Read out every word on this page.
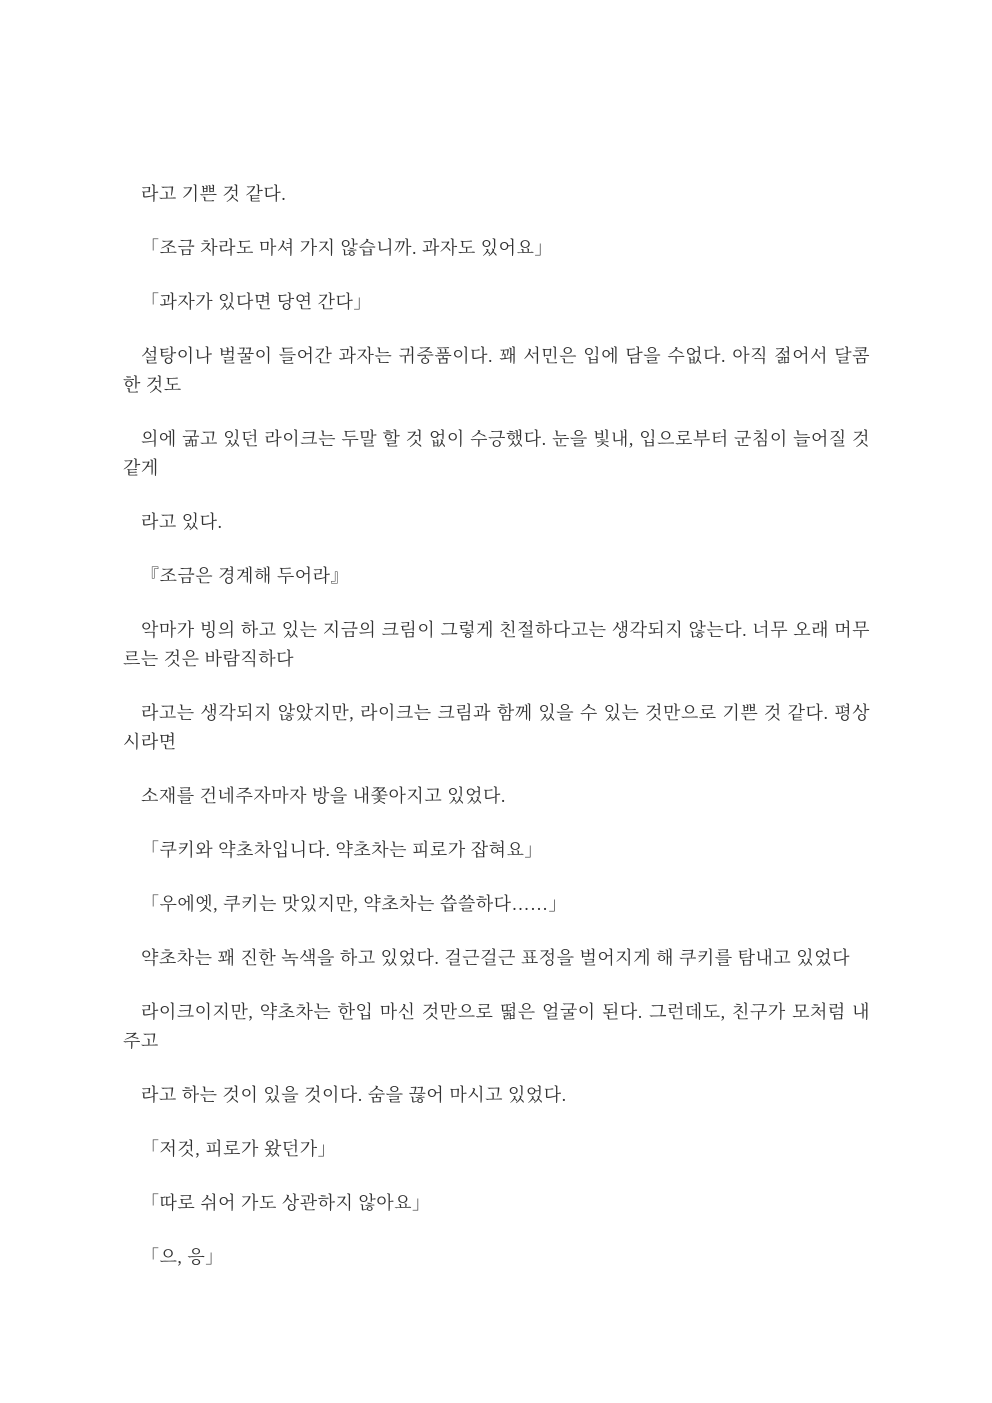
라고 기쁜 것 같다.

「조금 차라도 마셔 가지 않습니까. 과자도 있어요」

「과자가 있다면 당연 간다」

설탕이나 벌꿀이 들어간 과자는 귀중품이다. 꽤 서민은 입에 담을 수없다. 아직 젊어서 달콤한 것도

의에 굶고 있던 라이크는 두말 할 것 없이 수긍했다. 눈을 빛내, 입으로부터 군침이 늘어질 것 같게

라고 있다.

『조금은 경계해 두어라』

악마가 빙의 하고 있는 지금의 크림이 그렇게 친절하다고는 생각되지 않는다. 너무 오래 머무르는 것은 바람직하다

라고는 생각되지 않았지만, 라이크는 크림과 함께 있을 수 있는 것만으로 기쁜 것 같다. 평상시라면

소재를 건네주자마자 방을 내쫓아지고 있었다.

「쿠키와 약초차입니다. 약초차는 피로가 잡혀요」

「우에엣, 쿠키는 맛있지만, 약초차는 씁쓸하다……」

약초차는 꽤 진한 녹색을 하고 있었다. 걸근걸근 표정을 벌어지게 해 쿠키를 탐내고 있었다

라이크이지만, 약초차는 한입 마신 것만으로 떫은 얼굴이 된다. 그런데도, 친구가 모처럼 내 주고

라고 하는 것이 있을 것이다. 숨을 끊어 마시고 있었다.

「저것, 피로가 왔던가」

「따로 쉬어 가도 상관하지 않아요」

「으, 응」
